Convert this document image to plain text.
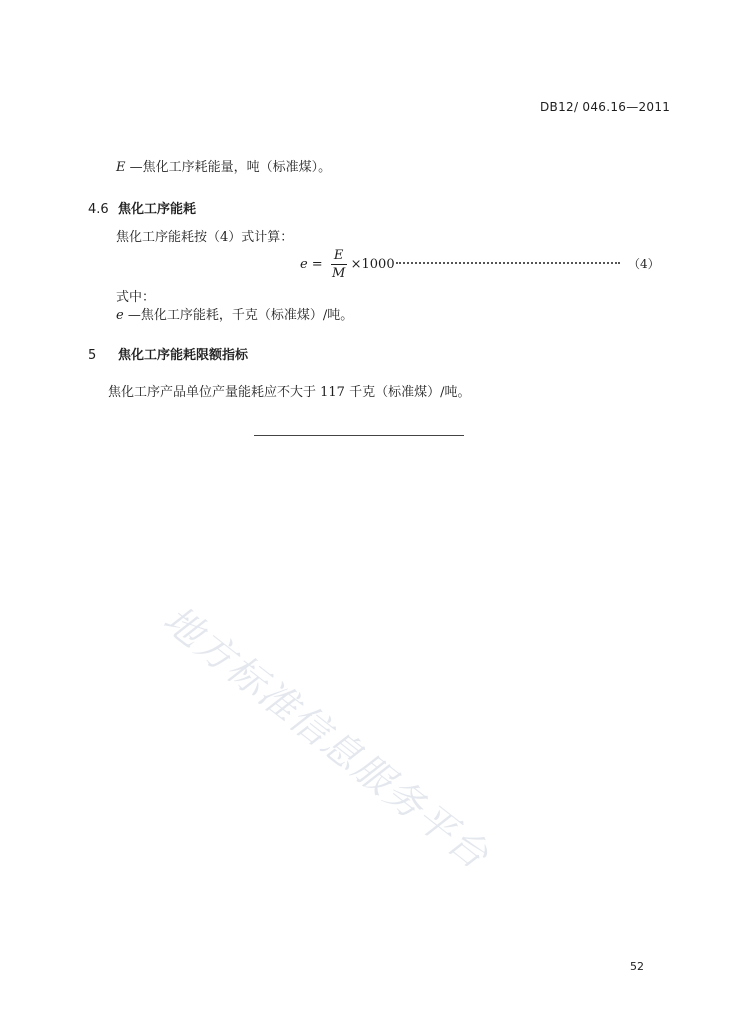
DB12/ 046.16—2011
E —焦化工序耗能量，吨（标准煤）。
4.6 焦化工序能耗
焦化工序能耗按（4）式计算：
$e = \frac{E}{M} \times 1000$	（4）
式中：
e —焦化工序能耗，千克（标准煤）/吨。
5 焦化工序能耗限额指标
焦化工序产品单位产量能耗应不大于 117 千克（标准煤）/吨。
地方标准信息服务平台
52
